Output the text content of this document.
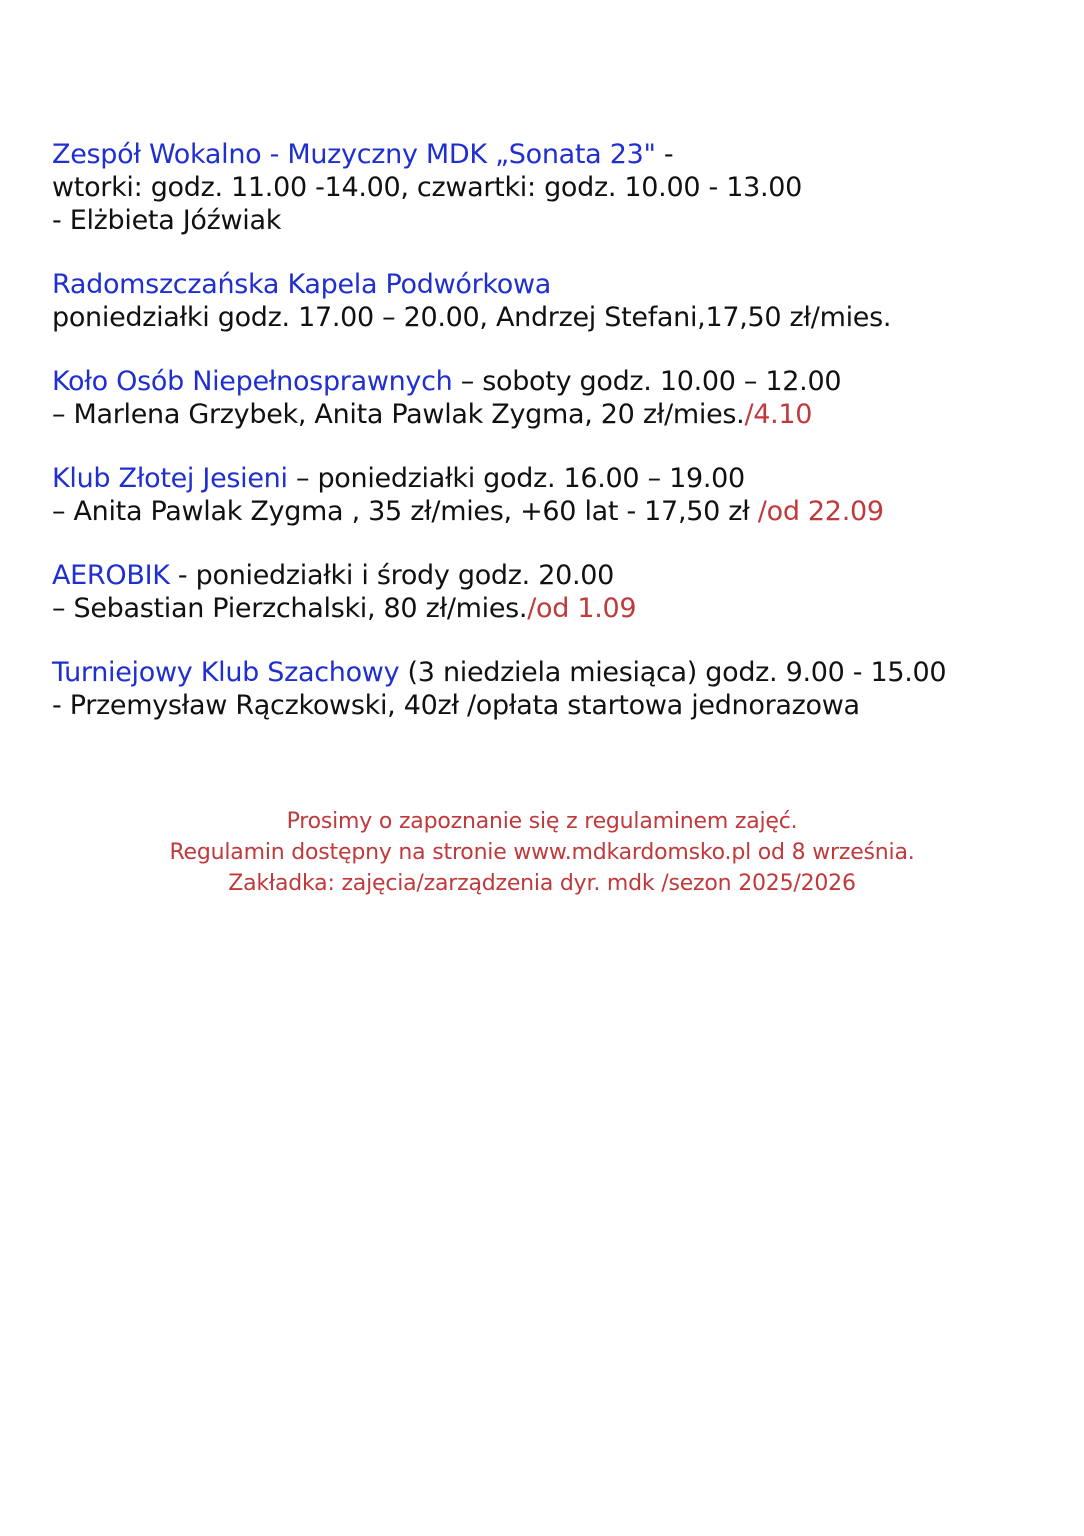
Zespół Wokalno - Muzyczny MDK „Sonata 23" -
wtorki: godz. 11.00 -14.00, czwartki: godz. 10.00 - 13.00
- Elżbieta Jóźwiak
Radomszczańska Kapela Podwórkowa
poniedziałki godz. 17.00 – 20.00, Andrzej Stefani,17,50 zł/mies.
Koło Osób Niepełnosprawnych – soboty godz. 10.00 – 12.00
– Marlena Grzybek, Anita Pawlak Zygma, 20 zł/mies./4.10
Klub Złotej Jesieni – poniedziałki godz. 16.00 – 19.00
– Anita Pawlak Zygma , 35 zł/mies, +60 lat - 17,50 zł /od 22.09
AEROBIK - poniedziałki i środy godz. 20.00
– Sebastian Pierzchalski, 80 zł/mies./od 1.09
Turniejowy Klub Szachowy (3 niedziela miesiąca) godz. 9.00 - 15.00
- Przemysław Rączkowski, 40zł /opłata startowa jednorazowa
Prosimy o zapoznanie się z regulaminem zajęć.
Regulamin dostępny na stronie www.mdkardomsko.pl od 8 września.
Zakładka: zajęcia/zarządzenia dyr. mdk /sezon 2025/2026
